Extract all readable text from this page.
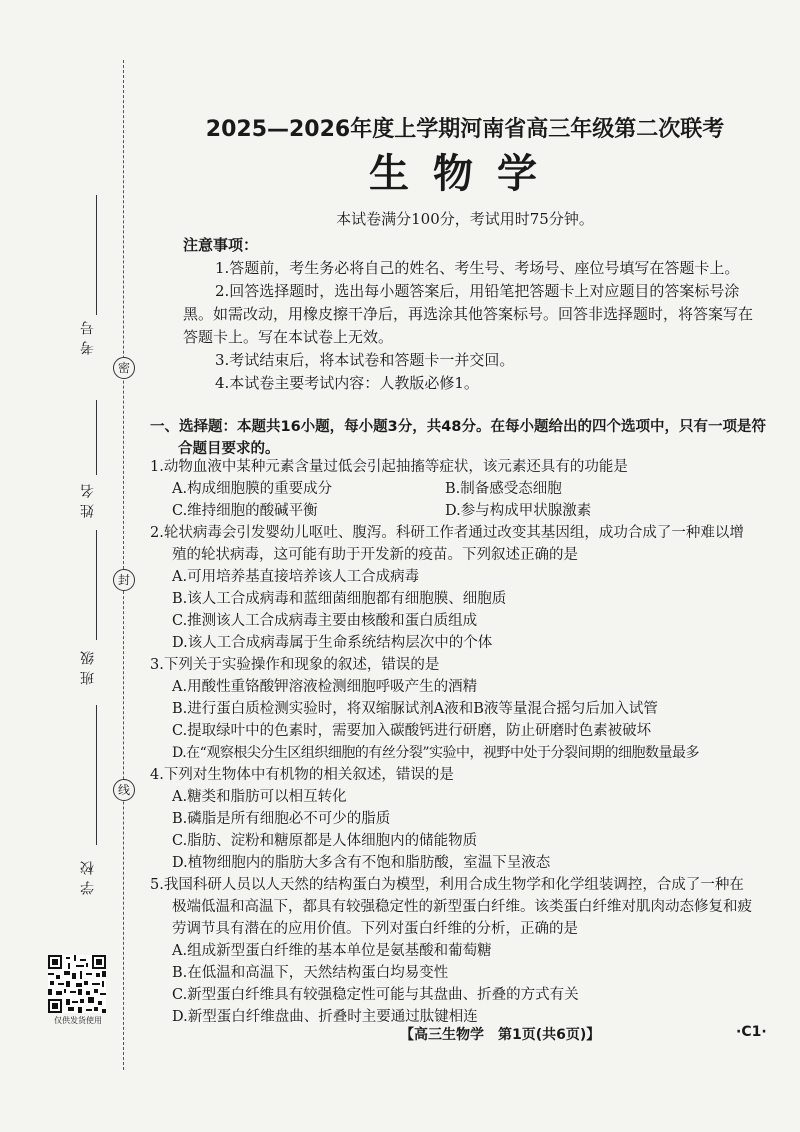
密
封
线
考号
姓名
班级
学校
仅供发货使用
2025—2026年度上学期河南省高三年级第二次联考
生物学
本试卷满分100分，考试用时75分钟。
注意事项：
1.答题前，考生务必将自己的姓名、考生号、考场号、座位号填写在答题卡上。
2.回答选择题时，选出每小题答案后，用铅笔把答题卡上对应题目的答案标号涂
黑。如需改动，用橡皮擦干净后，再选涂其他答案标号。回答非选择题时，将答案写在
答题卡上。写在本试卷上无效。
3.考试结束后，将本试卷和答题卡一并交回。
4.本试卷主要考试内容：人教版必修1。
一、选择题：本题共16小题，每小题3分，共48分。在每小题给出的四个选项中，只有一项是符
合题目要求的。
1.动物血液中某种元素含量过低会引起抽搐等症状，该元素还具有的功能是
A.构成细胞膜的重要成分	B.制备感受态细胞
C.维持细胞的酸碱平衡	D.参与构成甲状腺激素
2.轮状病毒会引发婴幼儿呕吐、腹泻。科研工作者通过改变其基因组，成功合成了一种难以增
殖的轮状病毒，这可能有助于开发新的疫苗。下列叙述正确的是
A.可用培养基直接培养该人工合成病毒
B.该人工合成病毒和蓝细菌细胞都有细胞膜、细胞质
C.推测该人工合成病毒主要由核酸和蛋白质组成
D.该人工合成病毒属于生命系统结构层次中的个体
3.下列关于实验操作和现象的叙述，错误的是
A.用酸性重铬酸钾溶液检测细胞呼吸产生的酒精
B.进行蛋白质检测实验时，将双缩脲试剂A液和B液等量混合摇匀后加入试管
C.提取绿叶中的色素时，需要加入碳酸钙进行研磨，防止研磨时色素被破坏
D.在“观察根尖分生区组织细胞的有丝分裂”实验中，视野中处于分裂间期的细胞数量最多
4.下列对生物体中有机物的相关叙述，错误的是
A.糖类和脂肪可以相互转化
B.磷脂是所有细胞必不可少的脂质
C.脂肪、淀粉和糖原都是人体细胞内的储能物质
D.植物细胞内的脂肪大多含有不饱和脂肪酸，室温下呈液态
5.我国科研人员以人天然的结构蛋白为模型，利用合成生物学和化学组装调控，合成了一种在
极端低温和高温下，都具有较强稳定性的新型蛋白纤维。该类蛋白纤维对肌肉动态修复和疲
劳调节具有潜在的应用价值。下列对蛋白纤维的分析，正确的是
A.组成新型蛋白纤维的基本单位是氨基酸和葡萄糖
B.在低温和高温下，天然结构蛋白均易变性
C.新型蛋白纤维具有较强稳定性可能与其盘曲、折叠的方式有关
D.新型蛋白纤维盘曲、折叠时主要通过肽键相连
【高三生物学　第1页(共6页)】	·C1·
